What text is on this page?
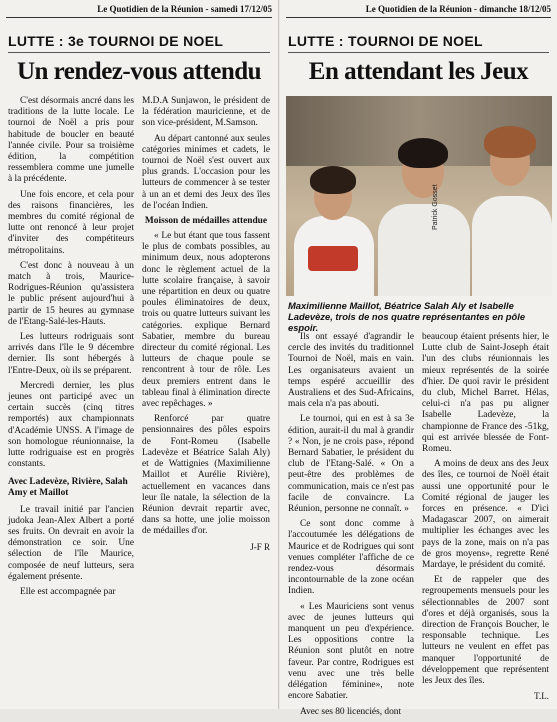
Le Quotidien de la Réunion - samedi 17/12/05
LUTTE : 3e TOURNOI DE NOEL
Un rendez-vous attendu

C'est désormais ancré dans les traditions de la lutte locale. Le tournoi de Noël a pris pour habitude de boucler en beauté l'année civile. Pour sa troisième édition, la compétition ressemblera comme une jumelle à la précédente.

Une fois encore, et cela pour des raisons financières, les membres du comité régional de lutte ont renoncé à leur projet d'inviter des compétiteurs métropolitains.

C'est donc à nouveau à un match à trois, Maurice-Rodrigues-Réunion qu'assistera le public présent aujourd'hui à partir de 15 heures au gymnase de l'Etang-Salé-les-Hauts.

Les lutteurs rodriguais sont arrivés dans l'île le 9 décembre dernier. Ils sont hébergés à l'Entre-Deux, où ils se préparent.

Mercredi dernier, les plus jeunes ont participé avec un certain succès (cinq titres remportés) aux championnats d'Académie UNSS. A l'image de son homologue réunionnaise, la lutte rodriguaise est en progrès constants.

Avec Ladevèze, Rivière, Salah Amy et Maillot

Le travail initié par l'ancien judoka Jean-Alex Albert a porté ses fruits. On devrait en avoir la démonstration ce soir. Une sélection de l'île Maurice, composée de neuf lutteurs, sera également présente.

Elle est accompagnée par

M.D.A Sunjawon, le président de la fédération mauricienne, et de son vice-président, M.Samson.

Au départ cantonné aux seules catégories minimes et cadets, le tournoi de Noël s'est ouvert aux plus grands. L'occasion pour les lutteurs de commencer à se tester à un an et demi des Jeux des îles de l'océan Indien.

Moisson de médailles attendue

« Le but étant que tous fassent le plus de combats possibles, au minimum deux, nous adopterons donc le règlement actuel de la lutte scolaire française, à savoir une répartition en deux ou quatre poules éliminatoires de deux, trois ou quatre lutteurs suivant les catégories. explique Bernard Sabatier, membre du bureau directeur du comité régional. Les lutteurs de chaque poule se rencontrent à tour de rôle. Les deux premiers entrent dans le tableau final à élimination directe avec repêchages. »

Renforcé par quatre pensionnaires des pôles espoirs de Font-Romeu (Isabelle Ladevèze et Béatrice Salah Aly) et de Wattignies (Maximilienne Maillot et Aurélie Rivière), actuellement en vacances dans leur île natale, la sélection de la Réunion devrait repartir avec, dans sa hotte, une jolie moisson de médailles d'or.

J-F R
Le Quotidien de la Réunion - dimanche 18/12/05
LUTTE : TOURNOI DE NOEL
En attendant les Jeux
Patrick Gosset
Maximilienne Maillot, Béatrice Salah Aly et Isabelle Ladevèze, trois de nos quatre représentantes en pôle espoir.

Ils ont essayé d'agrandir le cercle des invités du traditionnel Tournoi de Noël, mais en vain. Les organisateurs avaient un temps espéré accueillir des Australiens et des Sud-Africains, mais cela n'a pas abouti.

Le tournoi, qui en est à sa 3e édition, aurait-il du mal à grandir ? « Non, je ne crois pas», répond Bernard Sabatier, le président du club de l'Etang-Salé. « On a peut-être des problèmes de communication, mais ce n'est pas facile de convaincre. La Réunion, personne ne connaît. »

Ce sont donc comme à l'accoutumée les délégations de Maurice et de Rodrigues qui sont venues compléter l'affiche de ce rendez-vous désormais incontournable de la zone océan Indien.

« Les Mauriciens sont venus avec de jeunes lutteurs qui manquent un peu d'expérience. Les oppositions contre la Réunion sont plutôt en notre faveur. Par contre, Rodrigues est venu avec une très belle délégation féminine», note encore Sabatier.

Avec ses 80 licenciés, dont

beaucoup étaient présents hier, le Lutte club de Saint-Joseph était l'un des clubs réunionnais les mieux représentés de la soirée d'hier. De quoi ravir le président du club, Michel Barret. Hélas, celui-ci n'a pas pu aligner Isabelle Ladevèze, la championne de France des -51kg, qui est arrivée blessée de Font-Romeu.

A moins de deux ans des Jeux des îles, ce tournoi de Noël était aussi une opportunité pour le Comité régional de jauger les forces en présence. « D'ici Madagascar 2007, on aimerait multiplier les échanges avec les pays de la zone, mais on n'a pas de gros moyens», regrette René Mardaye, le président du comité.

Et de rappeler que des regroupements mensuels pour les sélectionnables de 2007 sont d'ores et déjà organisés, sous la direction de François Boucher, le responsable technique. Les lutteurs ne veulent en effet pas manquer l'opportunité de développement que représentent les Jeux des îles.

T.L.
